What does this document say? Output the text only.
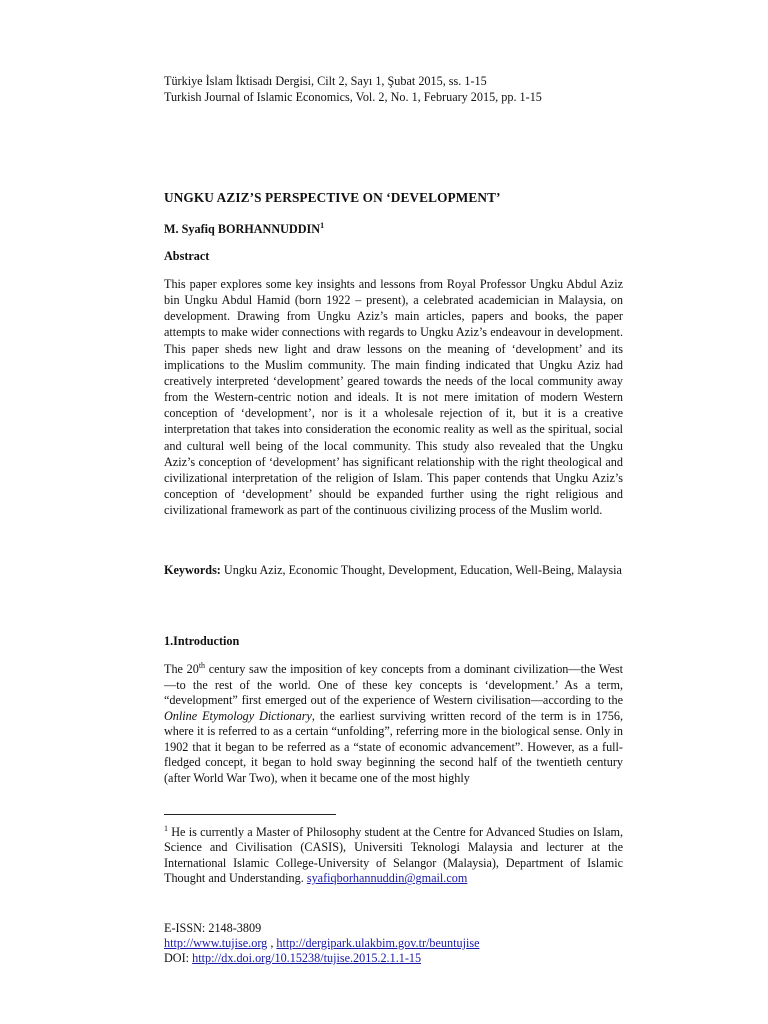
Türkiye İslam İktisadı Dergisi, Cilt 2, Sayı 1, Şubat 2015, ss. 1-15
Turkish Journal of Islamic Economics, Vol. 2, No. 1, February 2015, pp. 1-15
UNGKU AZIZ’S PERSPECTIVE ON ‘DEVELOPMENT’
M. Syafiq BORHANNUDDIN$^1$
Abstract
This paper explores some key insights and lessons from Royal Professor Ungku Abdul Aziz bin Ungku Abdul Hamid (born 1922 – present), a celebrated academician in Malaysia, on development. Drawing from Ungku Aziz’s main articles, papers and books, the paper attempts to make wider connections with regards to Ungku Aziz’s endeavour in development. This paper sheds new light and draw lessons on the meaning of ‘development’ and its implications to the Muslim community. The main finding indicated that Ungku Aziz had creatively interpreted ‘development’ geared towards the needs of the local community away from the Western-centric notion and ideals. It is not mere imitation of modern Western conception of ‘development’, nor is it a wholesale rejection of it, but it is a creative interpretation that takes into consideration the economic reality as well as the spiritual, social and cultural well being of the local community. This study also revealed that the Ungku Aziz’s conception of ‘development’ has significant relationship with the right theological and civilizational interpretation of the religion of Islam. This paper contends that Ungku Aziz’s conception of ‘development’ should be expanded further using the right religious and civilizational framework as part of the continuous civilizing process of the Muslim world.
Keywords: Ungku Aziz, Economic Thought, Development, Education, Well-Being, Malaysia
1.Introduction
The 20th century saw the imposition of key concepts from a dominant civilization—the West—to the rest of the world. One of these key concepts is ‘development.’ As a term, “development” first emerged out of the experience of Western civilisation—according to the Online Etymology Dictionary, the earliest surviving written record of the term is in 1756, where it is referred to as a certain “unfolding”, referring more in the biological sense. Only in 1902 that it began to be referred as a “state of economic advancement”. However, as a full-fledged concept, it began to hold sway beginning the second half of the twentieth century (after World War Two), when it became one of the most highly
$^1$ He is currently a Master of Philosophy student at the Centre for Advanced Studies on Islam, Science and Civilisation (CASIS), Universiti Teknologi Malaysia and lecturer at the International Islamic College-University of Selangor (Malaysia), Department of Islamic Thought and Understanding. syafiqborhannuddin@gmail.com
E-ISSN: 2148-3809
http://www.tujise.org , http://dergipark.ulakbim.gov.tr/beuntujise
DOI: http://dx.doi.org/10.15238/tujise.2015.2.1.1-15
